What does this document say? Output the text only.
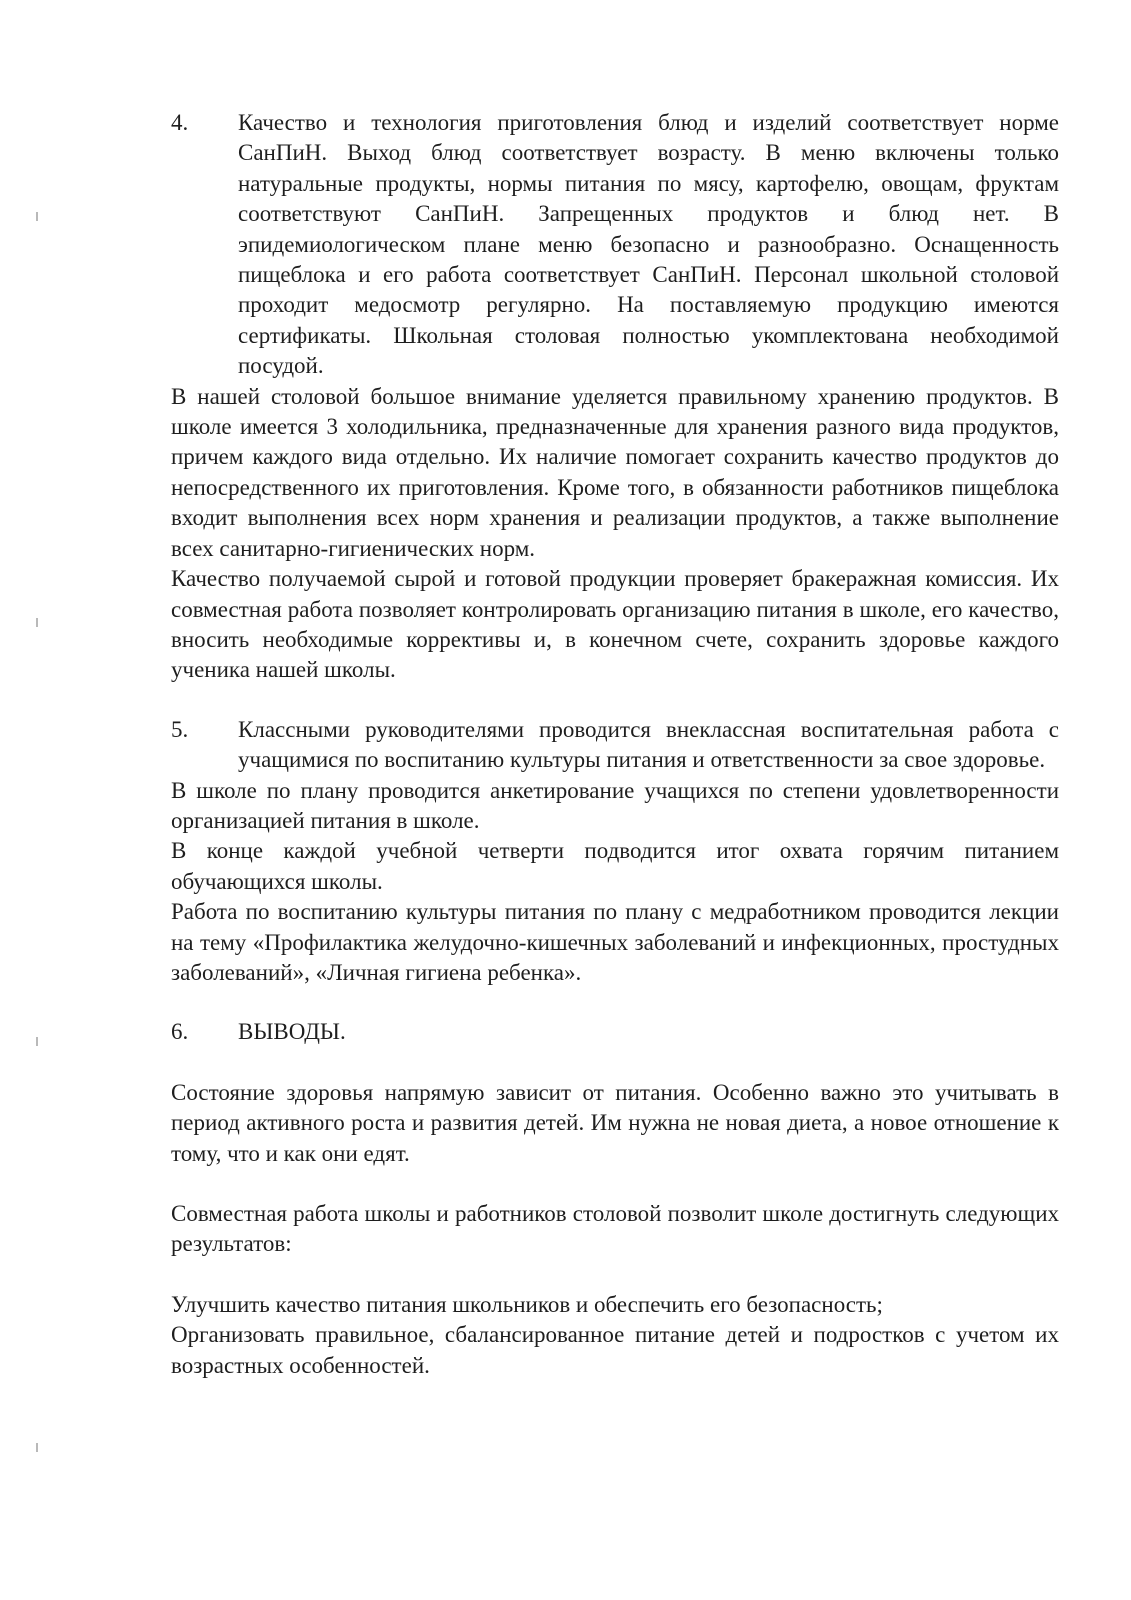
4. Качество и технология приготовления блюд и изделий соответствует норме СанПиН. Выход блюд соответствует возрасту. В меню включены только натуральные продукты, нормы питания по мясу, картофелю, овощам, фруктам соответствуют СанПиН. Запрещенных продуктов и блюд нет. В эпидемиологическом плане меню безопасно и разнообразно. Оснащенность пищеблока и его работа соответствует СанПиН. Персонал школьной столовой проходит медосмотр регулярно. На поставляемую продукцию имеются сертификаты. Школьная столовая полностью укомплектована необходимой посудой.

В нашей столовой большое внимание уделяется правильному хранению продуктов. В школе имеется 3 холодильника, предназначенные для хранения разного вида продуктов, причем каждого вида отдельно. Их наличие помогает сохранить качество продуктов до непосредственного их приготовления. Кроме того, в обязанности работников пищеблока входит выполнения всех норм хранения и реализации продуктов, а также выполнение всех санитарно-гигиенических норм.

Качество получаемой сырой и готовой продукции проверяет бракеражная комиссия. Их совместная работа позволяет контролировать организацию питания в школе, его качество, вносить необходимые коррективы и, в конечном счете, сохранить здоровье каждого ученика нашей школы.

5. Классными руководителями проводится внеклассная воспитательная работа с учащимися по воспитанию культуры питания и ответственности за свое здоровье.

В школе по плану проводится анкетирование учащихся по степени удовлетворенности организацией питания в школе.

В конце каждой учебной четверти подводится итог охвата горячим питанием обучающихся школы.

Работа по воспитанию культуры питания по плану с медработником проводится лекции на тему «Профилактика желудочно-кишечных заболеваний и инфекционных, простудных заболеваний», «Личная гигиена ребенка».

6. ВЫВОДЫ.

Состояние здоровья напрямую зависит от питания. Особенно важно это учитывать в период активного роста и развития детей. Им нужна не новая диета, а новое отношение к тому, что и как они едят.

Совместная работа школы и работников столовой позволит школе достигнуть следующих результатов:

Улучшить качество питания школьников и обеспечить его безопасность;

Организовать правильное, сбалансированное питание детей и подростков с учетом их возрастных особенностей.
